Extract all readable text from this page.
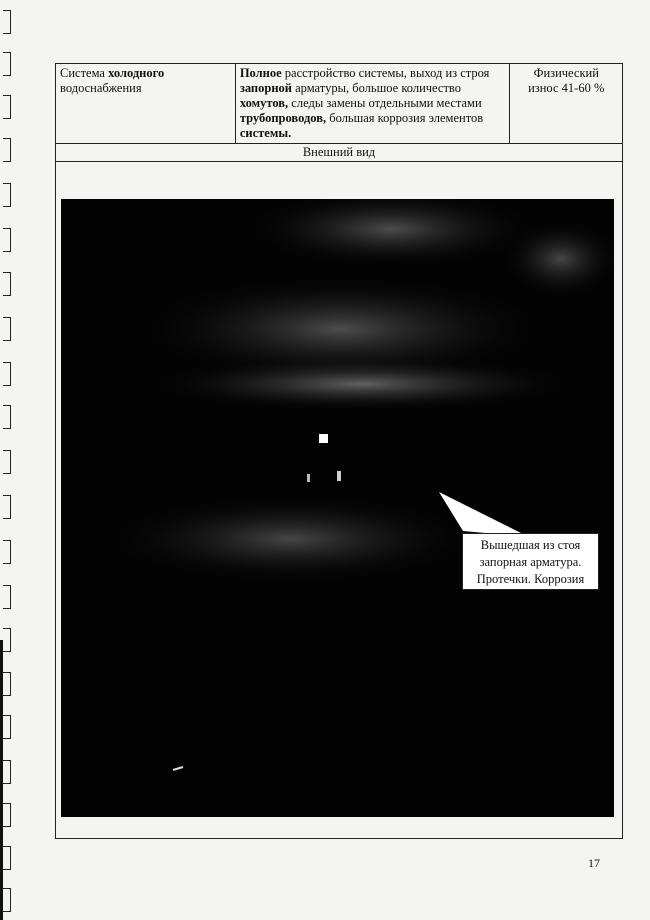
Система холодного
водоснабжения	Полное расстройство системы, выход из строя запорной арматуры, большое количество хомутов, следы замены отдельными местами трубопроводов, большая коррозия элементов системы.	Физический
износ 41-60 %
Внешний вид
Вышедшая из стоя
запорная арматура.
Протечки. Коррозия
17
